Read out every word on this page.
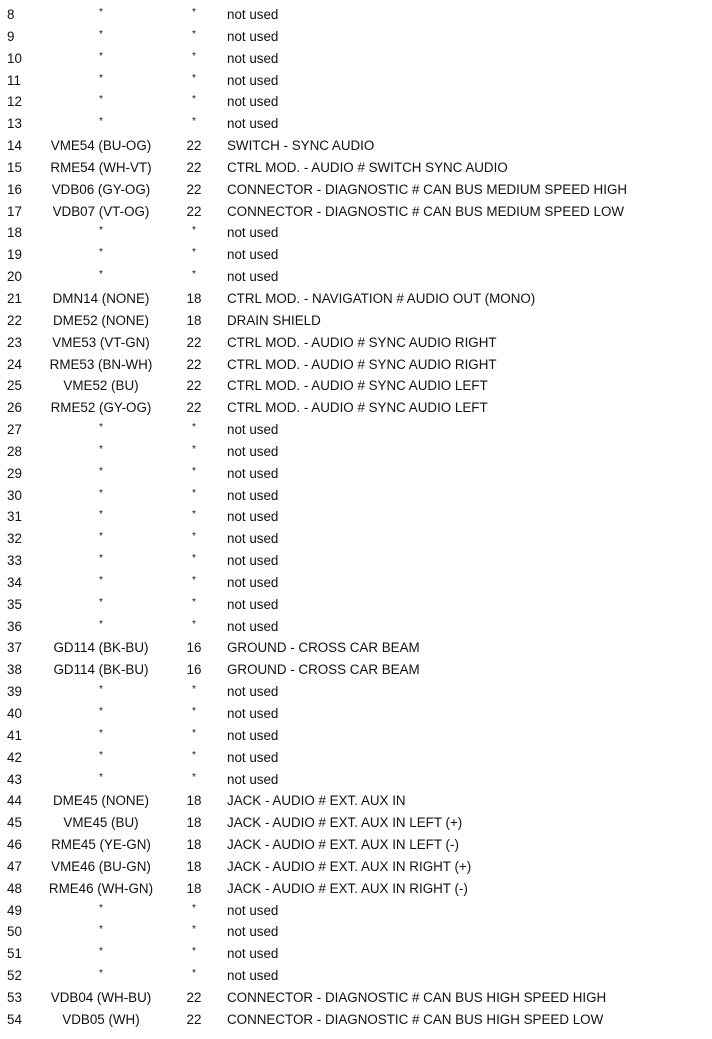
8	*	*	not used
9	*	*	not used
10	*	*	not used
11	*	*	not used
12	*	*	not used
13	*	*	not used
14	VME54 (BU-OG)	22	SWITCH - SYNC AUDIO
15	RME54 (WH-VT)	22	CTRL MOD. - AUDIO # SWITCH SYNC AUDIO
16	VDB06 (GY-OG)	22	CONNECTOR - DIAGNOSTIC # CAN BUS MEDIUM SPEED HIGH
17	VDB07 (VT-OG)	22	CONNECTOR - DIAGNOSTIC # CAN BUS MEDIUM SPEED LOW
18	*	*	not used
19	*	*	not used
20	*	*	not used
21	DMN14 (NONE)	18	CTRL MOD. - NAVIGATION # AUDIO OUT (MONO)
22	DME52 (NONE)	18	DRAIN SHIELD
23	VME53 (VT-GN)	22	CTRL MOD. - AUDIO # SYNC AUDIO RIGHT
24	RME53 (BN-WH)	22	CTRL MOD. - AUDIO # SYNC AUDIO RIGHT
25	VME52 (BU)	22	CTRL MOD. - AUDIO # SYNC AUDIO LEFT
26	RME52 (GY-OG)	22	CTRL MOD. - AUDIO # SYNC AUDIO LEFT
27	*	*	not used
28	*	*	not used
29	*	*	not used
30	*	*	not used
31	*	*	not used
32	*	*	not used
33	*	*	not used
34	*	*	not used
35	*	*	not used
36	*	*	not used
37	GD114 (BK-BU)	16	GROUND - CROSS CAR BEAM
38	GD114 (BK-BU)	16	GROUND - CROSS CAR BEAM
39	*	*	not used
40	*	*	not used
41	*	*	not used
42	*	*	not used
43	*	*	not used
44	DME45 (NONE)	18	JACK - AUDIO # EXT. AUX IN
45	VME45 (BU)	18	JACK - AUDIO # EXT. AUX IN LEFT (+)
46	RME45 (YE-GN)	18	JACK - AUDIO # EXT. AUX IN LEFT (-)
47	VME46 (BU-GN)	18	JACK - AUDIO # EXT. AUX IN RIGHT (+)
48	RME46 (WH-GN)	18	JACK - AUDIO # EXT. AUX IN RIGHT (-)
49	*	*	not used
50	*	*	not used
51	*	*	not used
52	*	*	not used
53	VDB04 (WH-BU)	22	CONNECTOR - DIAGNOSTIC # CAN BUS HIGH SPEED HIGH
54	VDB05 (WH)	22	CONNECTOR - DIAGNOSTIC # CAN BUS HIGH SPEED LOW
